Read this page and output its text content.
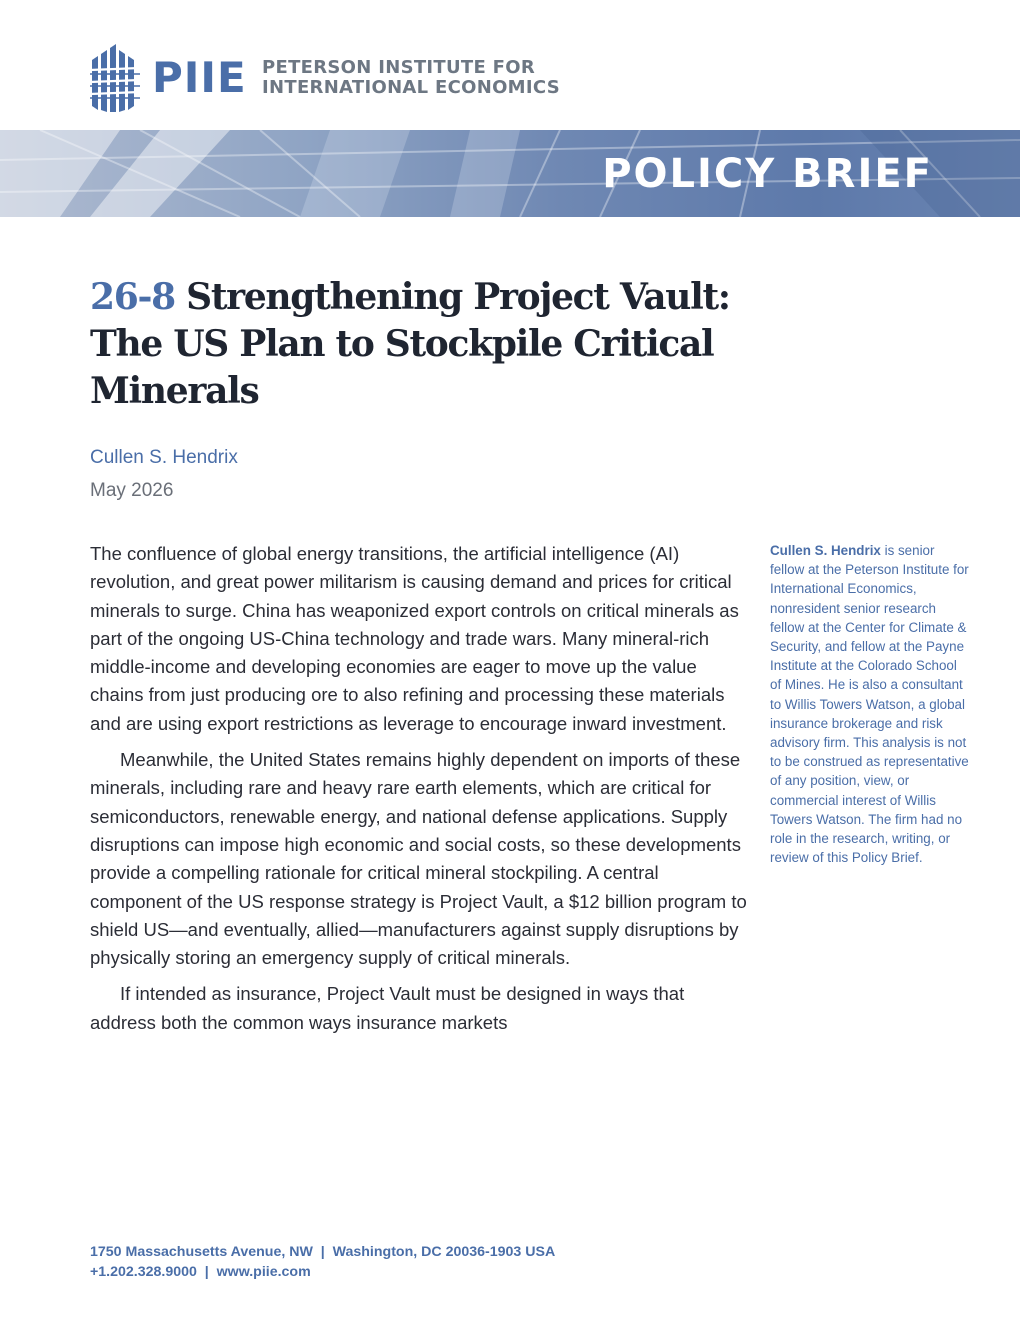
PIIE PETERSON INSTITUTE FOR
INTERNATIONAL ECONOMICS
POLICY BRIEF
26-8 Strengthening Project Vault: The US Plan to Stockpile Critical Minerals
Cullen S. Hendrix
May 2026

The confluence of global energy transitions, the artificial intelligence (AI) revolution, and great power militarism is causing demand and prices for critical minerals to surge. China has weaponized export controls on critical minerals as part of the ongoing US-China technology and trade wars. Many mineral-rich middle-income and developing economies are eager to move up the value chains from just producing ore to also refining and processing these materials and are using export restrictions as leverage to encourage inward investment.

Meanwhile, the United States remains highly dependent on imports of these minerals, including rare and heavy rare earth elements, which are critical for semiconductors, renewable energy, and national defense applications. Supply disruptions can impose high economic and social costs, so these developments provide a compelling rationale for critical mineral stockpiling. A central component of the US response strategy is Project Vault, a $12 billion program to shield US—and eventually, allied—manufacturers against supply disruptions by physically storing an emergency supply of critical minerals.

If intended as insurance, Project Vault must be designed in ways that address both the common ways insurance markets

Cullen S. Hendrix is senior fellow at the Peterson Institute for International Economics, nonresident senior research fellow at the Center for Climate & Security, and fellow at the Payne Institute at the Colorado School of Mines. He is also a consultant to Willis Towers Watson, a global insurance brokerage and risk advisory firm. This analysis is not to be construed as representative of any position, view, or commercial interest of Willis Towers Watson. The firm had no role in the research, writing, or review of this Policy Brief.
1750 Massachusetts Avenue, NW  |  Washington, DC 20036-1903 USA
+1.202.328.9000  |  www.piie.com
